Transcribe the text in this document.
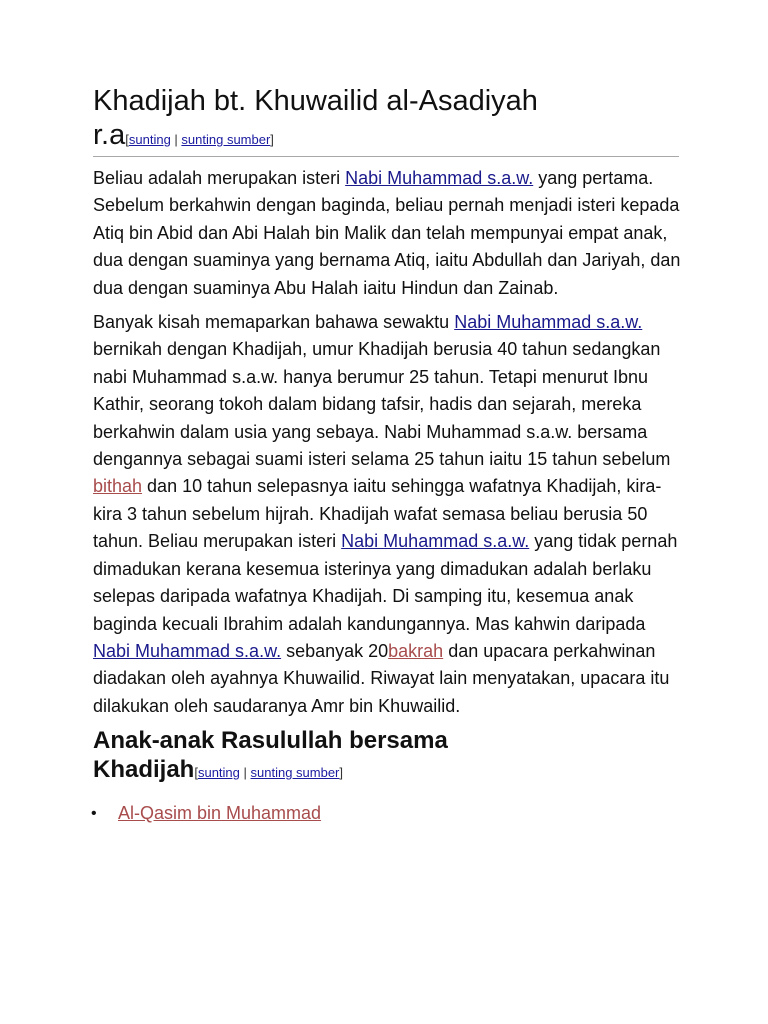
Khadijah bt. Khuwailid al-Asadiyah
r.a[sunting | sunting sumber]

Beliau adalah merupakan isteri Nabi Muhammad s.a.w. yang pertama. Sebelum berkahwin dengan baginda, beliau pernah menjadi isteri kepada Atiq bin Abid dan Abi Halah bin Malik dan telah mempunyai empat anak, dua dengan suaminya yang bernama Atiq, iaitu Abdullah dan Jariyah, dan dua dengan suaminya Abu Halah iaitu Hindun dan Zainab.

Banyak kisah memaparkan bahawa sewaktu Nabi Muhammad s.a.w. bernikah dengan Khadijah, umur Khadijah berusia 40 tahun sedangkan nabi Muhammad s.a.w. hanya berumur 25 tahun. Tetapi menurut Ibnu Kathir, seorang tokoh dalam bidang tafsir, hadis dan sejarah, mereka berkahwin dalam usia yang sebaya. Nabi Muhammad s.a.w. bersama dengannya sebagai suami isteri selama 25 tahun iaitu 15 tahun sebelum bithah dan 10 tahun selepasnya iaitu sehingga wafatnya Khadijah, kira-kira 3 tahun sebelum hijrah. Khadijah wafat semasa beliau berusia 50 tahun. Beliau merupakan isteri Nabi Muhammad s.a.w. yang tidak pernah dimadukan kerana kesemua isterinya yang dimadukan adalah berlaku selepas daripada wafatnya Khadijah. Di samping itu, kesemua anak baginda kecuali Ibrahim adalah kandungannya. Mas kahwin daripada Nabi Muhammad s.a.w. sebanyak 20bakrah dan upacara perkahwinan diadakan oleh ayahnya Khuwailid. Riwayat lain menyatakan, upacara itu dilakukan oleh saudaranya Amr bin Khuwailid.

Anak-anak Rasulullah bersama
Khadijah[sunting | sunting sumber]
• Al-Qasim bin Muhammad
